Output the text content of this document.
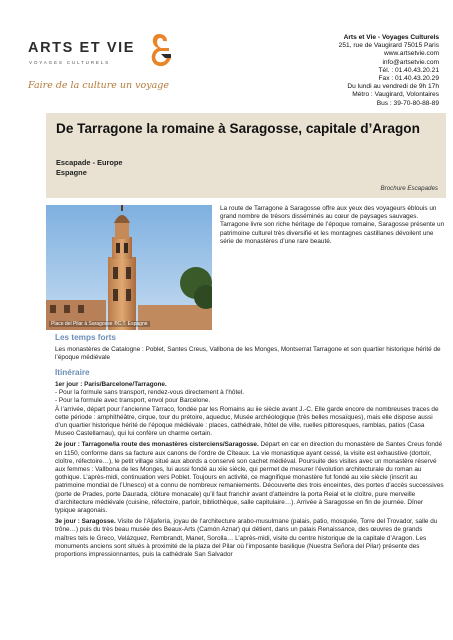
ARTS ET VIE
VOYAGES CULTURELS
Faire de la culture un voyage
Arts et Vie - Voyages Culturels
251, rue de Vaugirard 75015 Paris
www.artsetvie.com
info@artsetvie.com
Tél. : 01.40.43.20.21
Fax : 01.40.43.20.29
Du lundi au vendredi de 9h 17h
Métro : Vaugirard, Volontaires
Bus : 39-70-80-88-89
De Tarragone la romaine à Saragosse, capitale d’Aragon
Escapade - Europe
Espagne
Brochure Escapades
Place del Pilar à Saragosse ®C.T. Espagne
La route de Tarragone à Saragosse offre aux yeux des voyageurs éblouis un grand nombre de trésors disséminés au cœur de paysages sauvages. Tarragone livre son riche héritage de l’époque romaine, Saragosse présente un patrimoine culturel très diversifié et les montagnes castillanes dévoilent une série de monastères d’une rare beauté.
Les temps forts
Les monastères de Catalogne : Poblet, Santes Creus, Vallbona de les Monges, Montserrat Tarragone et son quartier historique hérité de l’époque médiévale
Itinéraire

1er jour : Paris/Barcelone/Tarragone.
- Pour la formule sans transport, rendez-vous directement à l’hôtel.
- Pour la formule avec transport, envol pour Barcelone.
À l’arrivée, départ pour l’ancienne Tàrraco, fondée par les Romains au iie siècle avant J.-C. Elle garde encore de nombreuses traces de cette période : amphithéâtre, cirque, tour du prétoire, aqueduc, Musée archéologique (très belles mosaïques), mais elle dispose aussi d’un quartier historique hérité de l’époque médiévale : places, cathédrale, hôtel de ville, ruelles pittoresques, ramblas, patios (Casa Museo Castellarnau), qui lui confère un charme certain.

2e jour : Tarragone/la route des monastères cisterciens/Saragosse. Départ en car en direction du monastère de Santes Creus fondé en 1150, conforme dans sa facture aux canons de l’ordre de Cîteaux. La vie monastique ayant cessé, la visite est exhaustive (dortoir, cloître, réfectoire…), le petit village situé aux abords a conservé son cachet médiéval. Poursuite des visites avec un monastère réservé aux femmes : Vallbona de les Monges, lui aussi fondé au xiie siècle, qui permet de mesurer l’évolution architecturale du roman au gothique. L’après-midi, continuation vers Poblet. Toujours en activité, ce magnifique monastère fut fondé au xiie siècle (inscrit au patrimoine mondial de l’Unesco) et a connu de nombreux remaniements. Découverte des trois enceintes, des portes d’accès successives (porte de Prades, porte Daurada, clôture monacale) qu’il faut franchir avant d’atteindre la porta Reial et le cloître, pure merveille d’architecture médiévale (cuisine, réfectoire, parloir, bibliothèque, salle capitulaire…). Arrivée à Saragosse en fin de journée. Dîner typique aragonais.

3e jour : Saragosse. Visite de l’Aljafería, joyau de l’architecture arabo-musulmane (palais, patio, mosquée, Torre del Trovador, salle du trône…) puis du très beau musée des Beaux-Arts (Camón Aznar) qui détient, dans un palais Renaissance, des œuvres de grands maîtres tels le Greco, Velázquez, Rembrandt, Manet, Sorolla… L’après-midi, visite du centre historique de la capitale d’Aragon. Les monuments anciens sont situés à proximité de la plaza del Pilar où l’imposante basilique (Nuestra Señora del Pilar) présente des proportions impressionnantes, puis la cathédrale San Salvador
